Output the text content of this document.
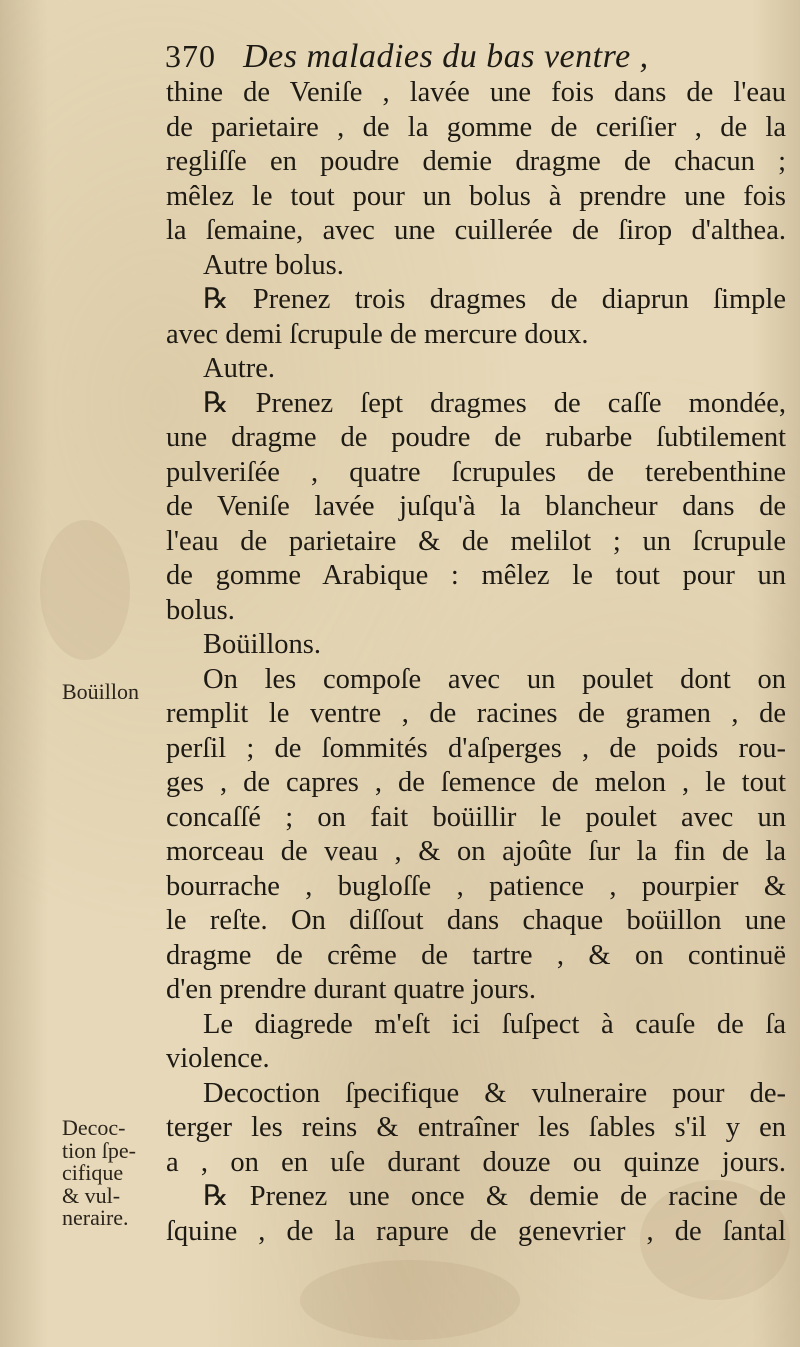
370 Des maladies du bas ventre ,
thine de Veniſe , lavée une fois dans de l'eau
de parietaire , de la gomme de ceriſier , de la
regliſſe en poudre demie dragme de chacun ;
mêlez le tout pour un bolus à prendre une fois
la ſemaine, avec une cuillerée de ſirop d'althea.
Autre bolus.
℞ Prenez trois dragmes de diaprun ſimple
avec demi ſcrupule de mercure doux.
Autre.
℞ Prenez ſept dragmes de caſſe mondée,
une dragme de poudre de rubarbe ſubtilement
pulveriſée , quatre ſcrupules de terebenthine
de Veniſe lavée juſqu'à la blancheur dans de
l'eau de parietaire & de melilot ; un ſcrupule
de gomme Arabique : mêlez le tout pour un
bolus.
Boüillons.
On les compoſe avec un poulet dont on
remplit le ventre , de racines de gramen , de
perſil ; de ſommités d'aſperges , de poids rou-
ges , de capres , de ſemence de melon , le tout
concaſſé ; on fait boüillir le poulet avec un
morceau de veau , & on ajoûte ſur la fin de la
bourrache , bugloſſe , patience , pourpier &
le reſte. On diſſout dans chaque boüillon une
dragme de crême de tartre , & on continuë
d'en prendre durant quatre jours.
Le diagrede m'eſt ici ſuſpect à cauſe de ſa
violence.
Decoction ſpecifique & vulneraire pour de-
terger les reins & entraîner les ſables s'il y en
a , on en uſe durant douze ou quinze jours.
℞ Prenez une once & demie de racine de
ſquine , de la rapure de genevrier , de ſantal
Boüillon
Decoc-
tion ſpe-
cifique
& vul-
neraire.
